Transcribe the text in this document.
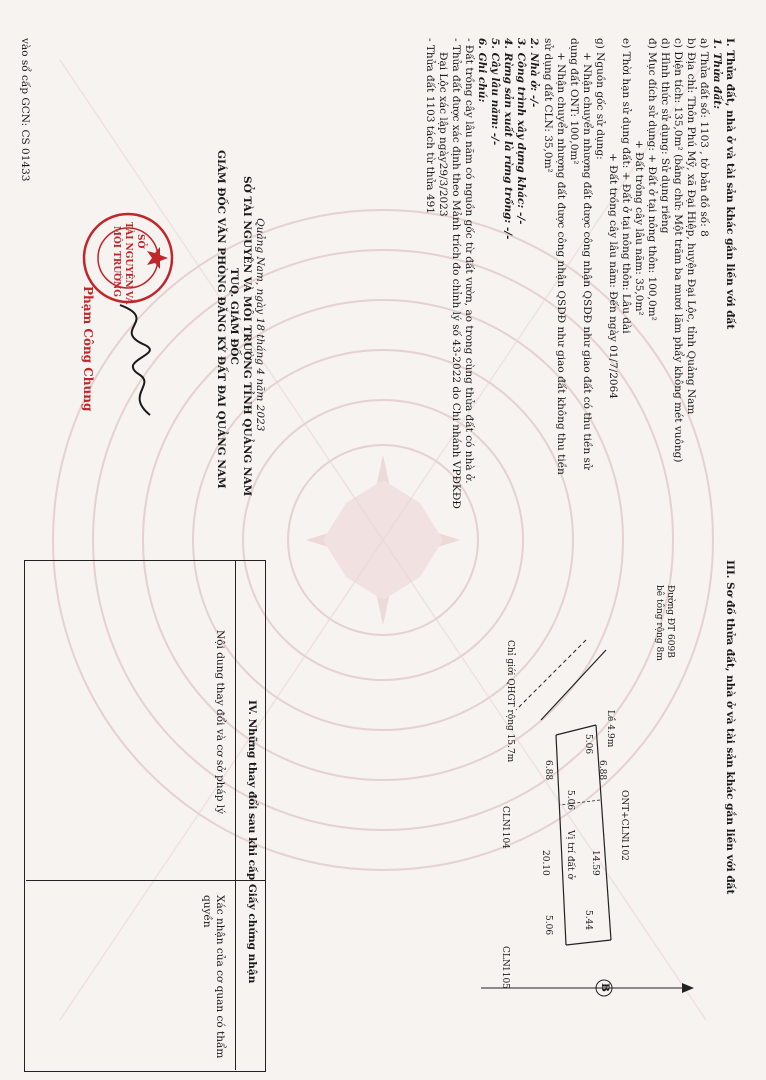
I. Thửa đất, nhà ở và tài sản khác gắn liền với đất
1. Thửa đất:
a) Thửa đất số: 1103 , tờ bản đồ số: 8
b) Địa chỉ: Thôn Phú Mỹ, xã Đại Hiệp, huyện Đại Lộc, tỉnh Quảng Nam
c) Diện tích: 135,0m² (bằng chữ: Một trăm ba mươi lăm phẩy không mét vuông)
d) Hình thức sử dụng: Sử dụng riêng
đ) Mục đích sử dụng: + Đất ở tại nông thôn: 100,0m²
+ Đất trồng cây lâu năm: 35,0m²
e) Thời hạn sử dụng đất: + Đất ở tại nông thôn: Lâu dài
+ Đất trồng cây lâu năm: Đến ngày 01/7/2064
g) Nguồn gốc sử dụng:
+ Nhận chuyển nhượng đất được công nhận QSDĐ như giao đất có thu tiền sử
dụng đất ONT: 100,0m²
+ Nhận chuyển nhượng đất được công nhận QSDĐ như giao đất không thu tiền
sử dụng đất CLN: 35,0m²
2. Nhà ở: -/-
3. Công trình xây dựng khác: -/-
4. Rừng sản xuất là rừng trồng: -/-
5. Cây lâu năm: -/-
6. Ghi chú:
- Đất trồng cây lâu năm có nguồn gốc từ đất vườn, ao trong cùng thửa đất có nhà ở.
- Thửa đất được xác định theo Mảnh trích đo chỉnh lý số 43-2022 do Chi nhánh VPĐKĐĐ
Đại Lộc xác lập ngày29/3/2023
- Thửa đất 1103 tách từ thửa 491
Quảng Nam, ngày 18 tháng 4 năm 2023
SỞ TÀI NGUYÊN VÀ MÔI TRƯỜNG TỈNH QUẢNG NAM
TUQ. GIÁM ĐỐC
GIÁM ĐỐC VĂN PHÒNG ĐĂNG KÝ ĐẤT ĐAI QUẢNG NAM
SỞ
TÀI NGUYÊN VÀ
MÔI TRƯỜNG
Phạm Công Chung
vào sổ cấp GCN: CS 01433
III. Sơ đồ thửa đất, nhà ở và tài sản khác gắn liền với đất
Đường ĐT 609B
bê tông rộng 8m
Lề 4.9m
Chỉ giới QHGT rộng 15.7m
ONT+CLN
1102
CLN
1104
CLN
1105
Vị trí đất ở
5.06
6.88
6.88
14.59
20.10
5.44
5.06
5.06
B
IV. Những thay đổi sau khi cấp Giấy chứng nhận
Nội dung thay đổi và cơ sở pháp lý
Xác nhận của cơ quan có thẩm quyền
